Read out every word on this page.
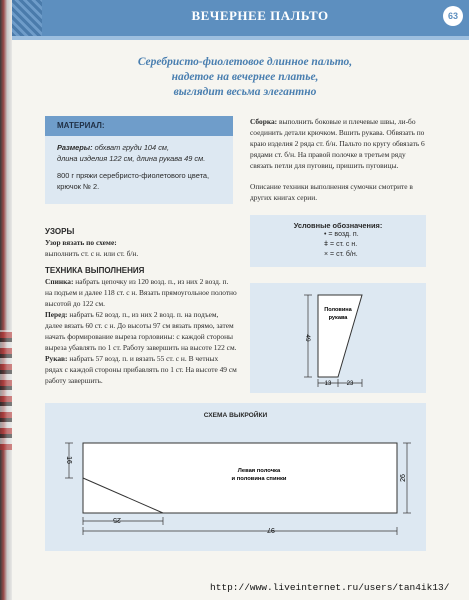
ВЕЧЕРНЕЕ ПАЛЬТО	63
Серебристо-фиолетовое длинное пальто,
надетое на вечернее платье,
выглядит весьма элегантно
МАТЕРИАЛ:
Размеры: обхват груди 104 см,
длина изделия 122 см, длина рукава 49 см.
800 г пряжи серебристо-фиолетового цвета, крючок № 2.

Сборка: выполнить боковые и плечевые швы, ли-бо соединить детали крючком. Вшить рукава. Обвязать по краю изделия 2 ряда ст. б/н. Пальто по кругу обвязать 6 рядами ст. б/н. На правой полочке в третьем ряду связать петли для пуговиц, пришить пуговицы.

Описание техники выполнения сумочки смотрите в других книгах серии.

УЗОРЫ

Узор вязать по схеме:
выполнить ст. с н. или ст. б/н.

ТЕХНИКА ВЫПОЛНЕНИЯ

Спинка: набрать цепочку из 120 возд. п., из них 2 возд. п. на подъем и далее 118 ст. с н. Вязать прямоугольное полотно высотой до 122 см.

Перед: набрать 62 возд. п., из них 2 возд. п. на подъем, далее вязать 60 ст. с н. До высоты 97 см вязать прямо, затем начать формирование выреза горловины: с каждой стороны выреза убавлять по 1 ст. Работу завершить на высоте 122 см.

Рукав: набрать 57 возд. п. и вязать 55 ст. с н. В четных рядах с каждой стороны прибавлять по 1 ст. На высоте 49 см работу завершить.

Условные обозначения:
• = возд. п.
ǂ = ст. с н.
× = ст. б/н.
49
13	23
Половина
рукава
СХЕМА ВЫКРОЙКИ
16
26
25
97
Левая полочка
и половина спинки
http://www.liveinternet.ru/users/tan4ik13/
